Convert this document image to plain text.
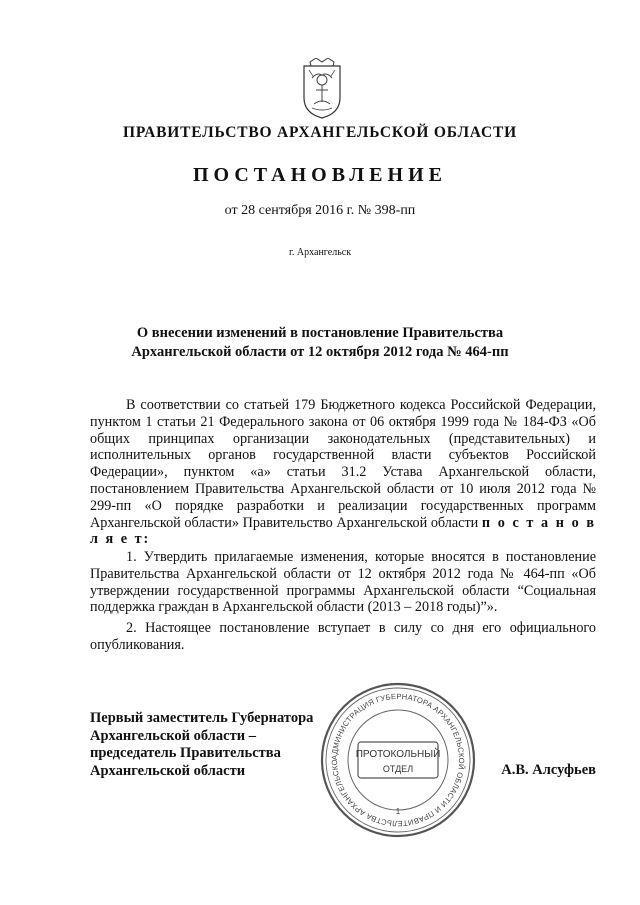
ПРАВИТЕЛЬСТВО АРХАНГЕЛЬСКОЙ ОБЛАСТИ
ПОСТАНОВЛЕНИЕ
от 28 сентября 2016 г. № 398-пп
г. Архангельск
О внесении изменений в постановление Правительства
Архангельской области от 12 октября 2012 года № 464-пп
В соответствии со статьей 179 Бюджетного кодекса Российской Федерации, пунктом 1 статьи 21 Федерального закона от 06 октября 1999 года № 184-ФЗ «Об общих принципах организации законодательных (представительных) и исполнительных органов государственной власти субъектов Российской Федерации», пунктом «а» статьи 31.2 Устава Архангельской области, постановлением Правительства Архангельской области от 10 июля 2012 года № 299-пп «О порядке разработки и реализации государственных программ Архангельской области» Правительство Архангельской области п о с т а н о в л я е т:
1. Утвердить прилагаемые изменения, которые вносятся в постановление Правительства Архангельской области от 12 октября 2012 года № 464-пп «Об утверждении государственной программы Архангельской области “Социальная поддержка граждан в Архангельской области (2013 – 2018 годы)”».
2. Настоящее постановление вступает в силу со дня его официального опубликования.
Первый заместитель Губернатора
Архангельской области –
председатель Правительства
Архангельской области
АДМИНИСТРАЦИЯ ГУБЕРНАТОРА АРХАНГЕЛЬСКОЙ ОБЛАСТИ И ПРАВИТЕЛЬСТВА АРХАНГЕЛЬСКО
ПРОТОКОЛЬНЫЙ
ОТДЕЛ
1
А.В. Алсуфьев
